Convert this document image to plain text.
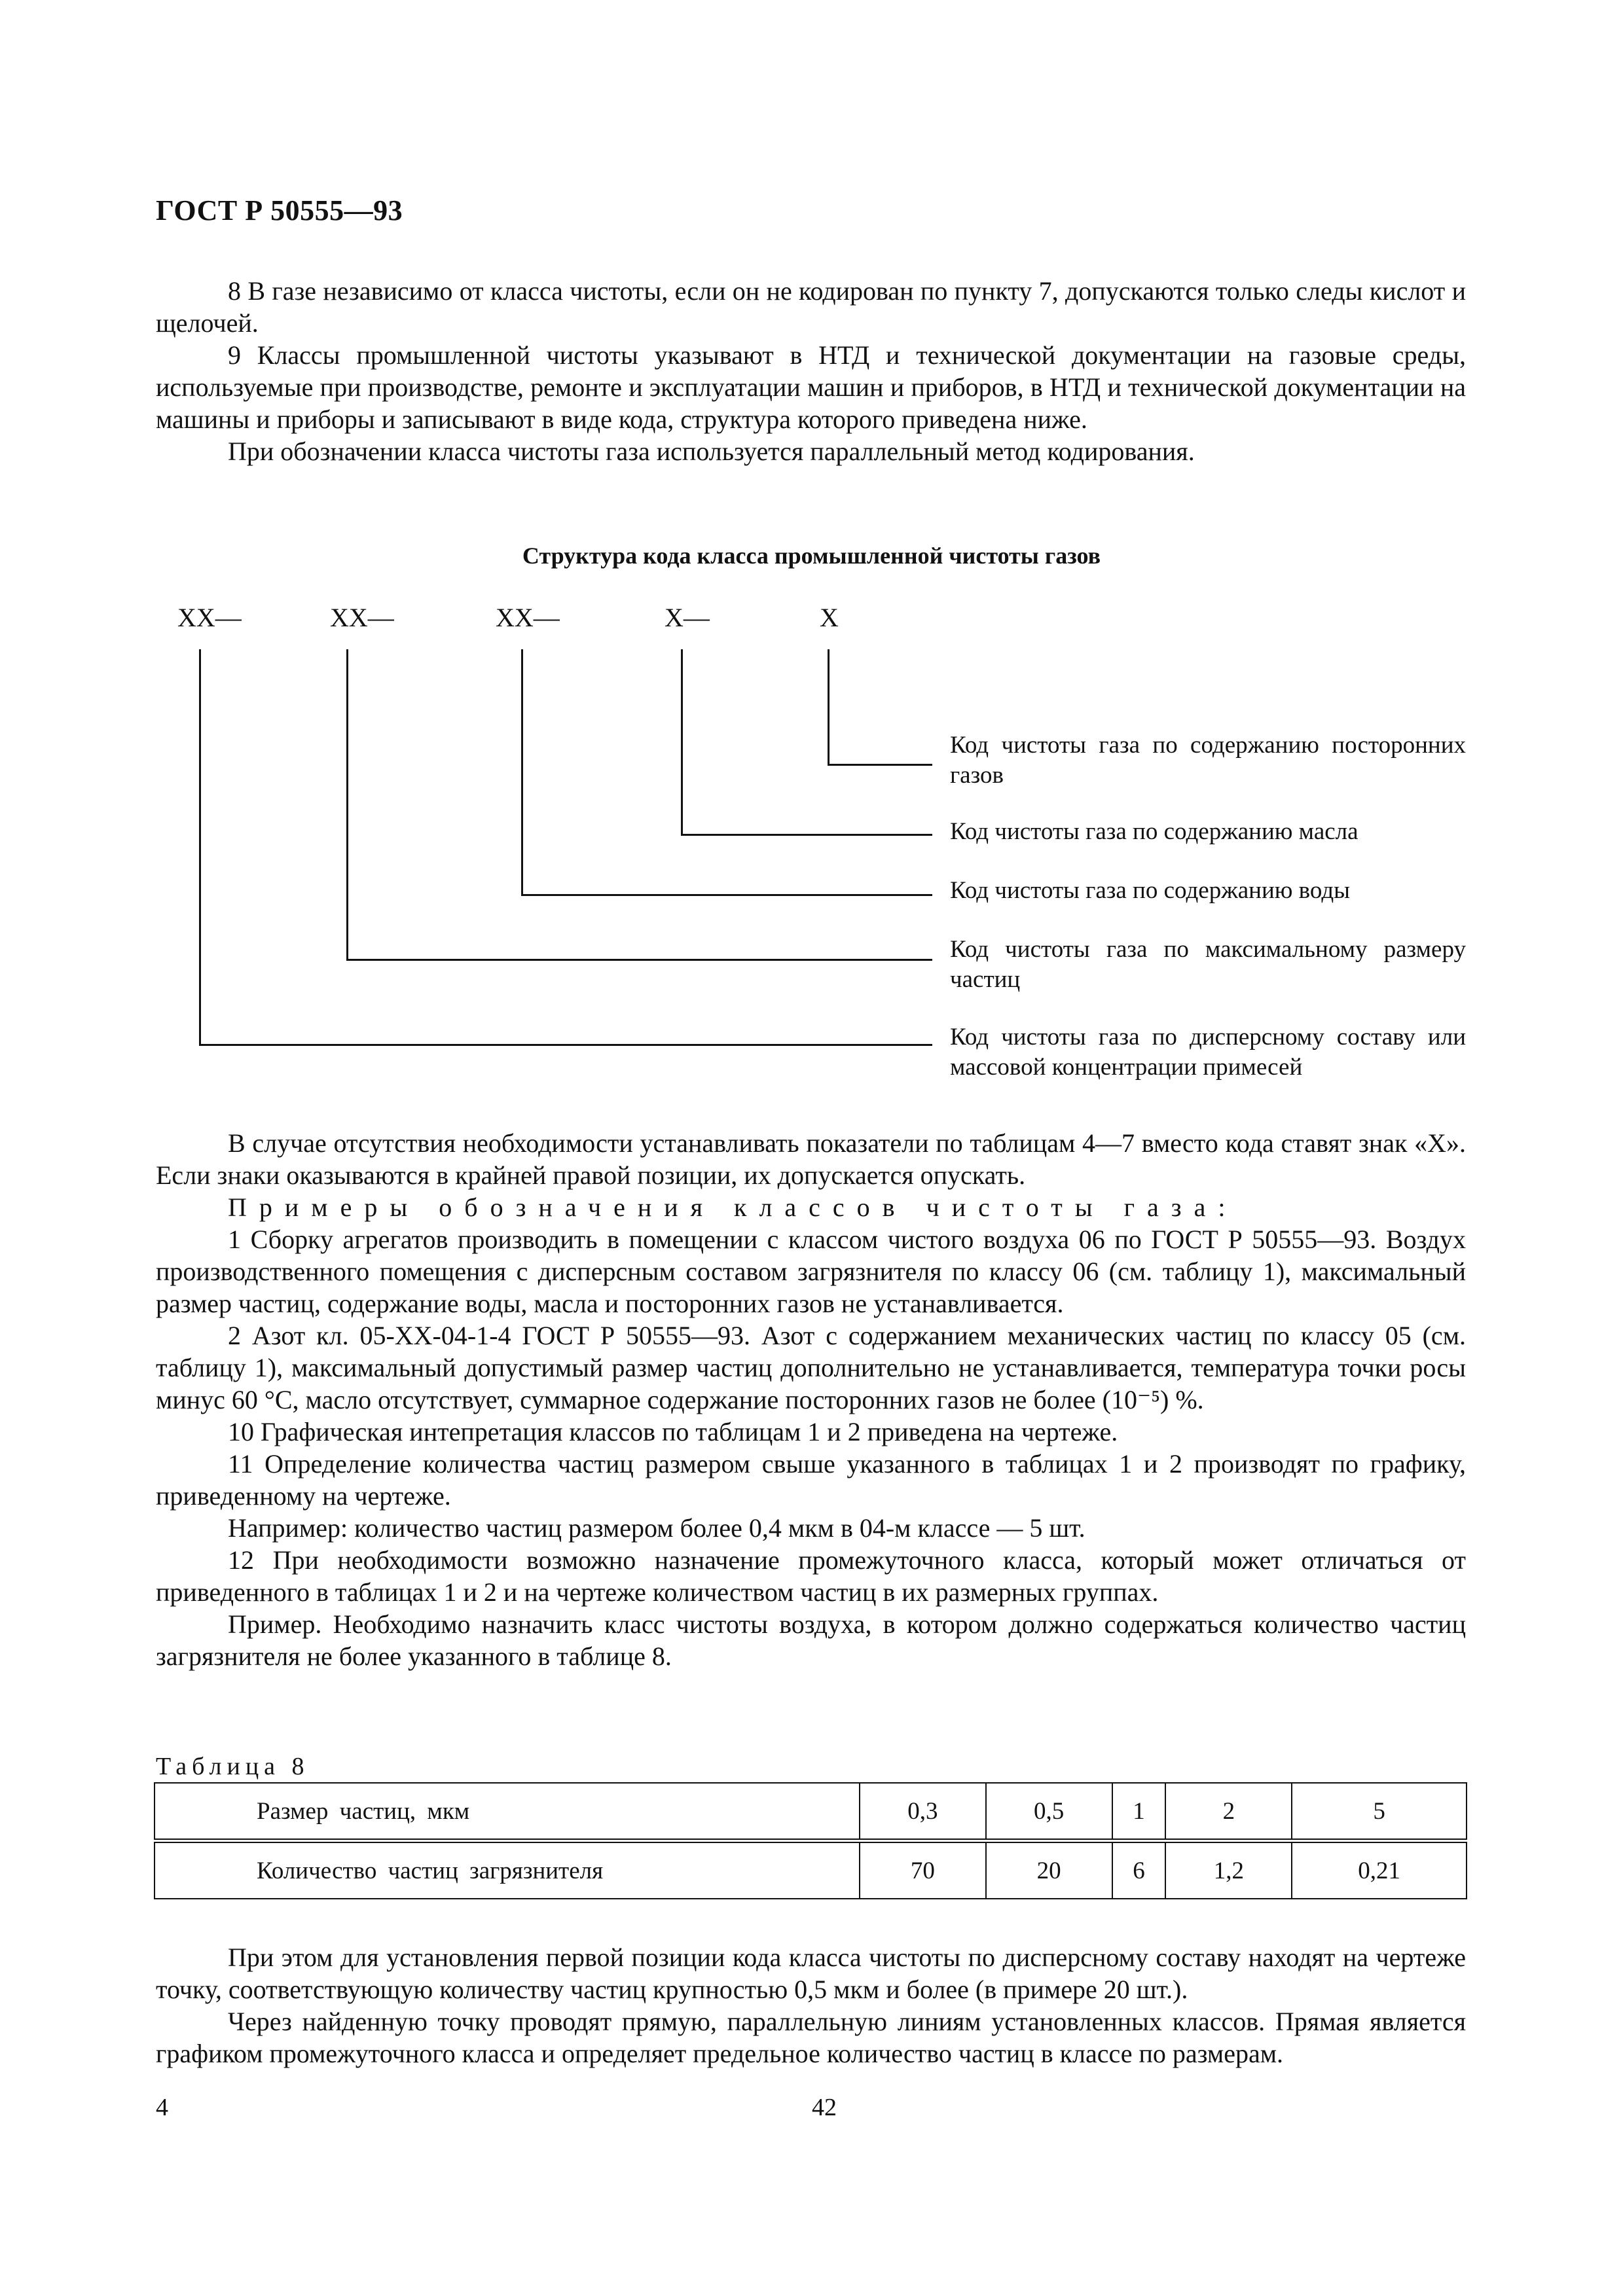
ГОСТ Р 50555—93

8 В газе независимо от класса чистоты, если он не кодирован по пункту 7, допускаются только следы кислот и щелочей.

9 Классы промышленной чистоты указывают в НТД и технической документации на газовые среды, используемые при производстве, ремонте и эксплуатации машин и приборов, в НТД и технической документации на машины и приборы и записывают в виде кода, структура которого приведена ниже.

При обозначении класса чистоты газа используется параллельный метод кодирования.

Структура кода класса промышленной чистоты газов
XX—	XX—	XX—	X—	X
Код чистоты газа по содержанию посторонних газов
Код чистоты газа по содержанию масла
Код чистоты газа по содержанию воды
Код чистоты газа по максимальному размеру частиц
Код чистоты газа по дисперсному составу или массовой концентрации примесей

В случае отсутствия необходимости устанавливать показатели по таблицам 4—7 вместо кода ставят знак «X». Если знаки оказываются в крайней правой позиции, их допускается опускать.

Примеры обозначения классов чистоты газа:

1 Сборку агрегатов производить в помещении с классом чистого воздуха 06 по ГОСТ Р 50555—93. Воздух производственного помещения с дисперсным составом загрязнителя по классу 06 (см. таблицу 1), максимальный размер частиц, содержание воды, масла и посторонних газов не устанавливается.

2 Азот кл. 05-XX-04-1-4 ГОСТ Р 50555—93. Азот с содержанием механических частиц по классу 05 (см. таблицу 1), максимальный допустимый размер частиц дополнительно не устанавливается, температура точки росы минус 60 °С, масло отсутствует, суммарное содержание посторонних газов не более (10⁻⁵) %.

10 Графическая интепретация классов по таблицам 1 и 2 приведена на чертеже.

11 Определение количества частиц размером свыше указанного в таблицах 1 и 2 производят по графику, приведенному на чертеже.

Например: количество частиц размером более 0,4 мкм в 04-м классе — 5 шт.

12 При необходимости возможно назначение промежуточного класса, который может отличаться от приведенного в таблицах 1 и 2 и на чертеже количеством частиц в их размерных группах.

Пример. Необходимо назначить класс чистоты воздуха, в котором должно содержаться количество частиц загрязнителя не более указанного в таблице 8.

Таблица 8
Размер частиц, мкм	0,3	0,5	1	2	5
Количество частиц загрязнителя	70	20	6	1,2	0,21

При этом для установления первой позиции кода класса чистоты по дисперсному составу находят на чертеже точку, соответствующую количеству частиц крупностью 0,5 мкм и более (в примере 20 шт.).

Через найденную точку проводят прямую, параллельную линиям установленных классов. Прямая является графиком промежуточного класса и определяет предельное количество частиц в классе по размерам.

4	42
